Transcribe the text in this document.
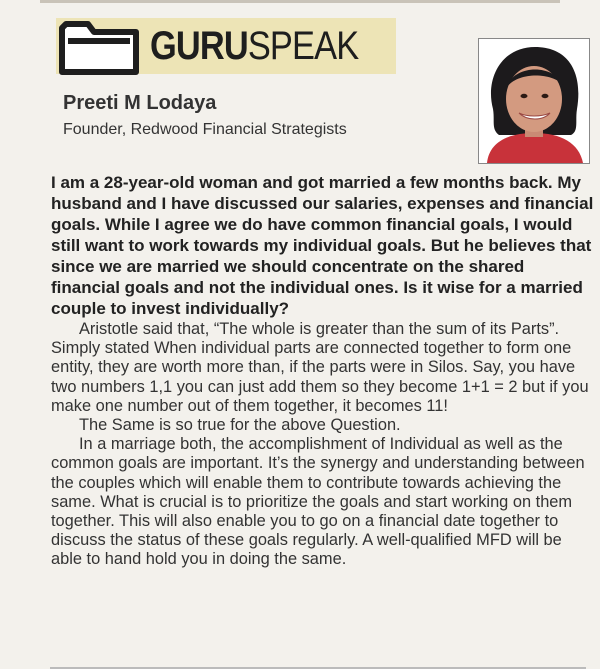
GURUSPEAK
Preeti M Lodaya
Founder, Redwood Financial Strategists

I am a 28-year-old woman and got married a few months back. My husband and I have discussed our salaries, expenses and financial goals. While I agree we do have common financial goals, I would still want to work towards my individual goals. But he believes that since we are married we should concentrate on the shared financial goals and not the individual ones. Is it wise for a married couple to invest individually?

Aristotle said that, “The whole is greater than the sum of its Parts”. Simply stated When individual parts are connected together to form one entity, they are worth more than, if the parts were in Silos. Say, you have two numbers 1,1 you can just add them so they become 1+1 = 2 but if you make one number out of them together, it becomes 11!

The Same is so true for the above Question.

In a marriage both, the accomplishment of Individual as well as the common goals are important. It’s the synergy and understanding between the couples which will enable them to contribute towards achieving the same. What is crucial is to prioritize the goals and start working on them together. This will also enable you to go on a financial date together to discuss the status of these goals regularly. A well-qualified MFD will be able to hand hold you in doing the same.
